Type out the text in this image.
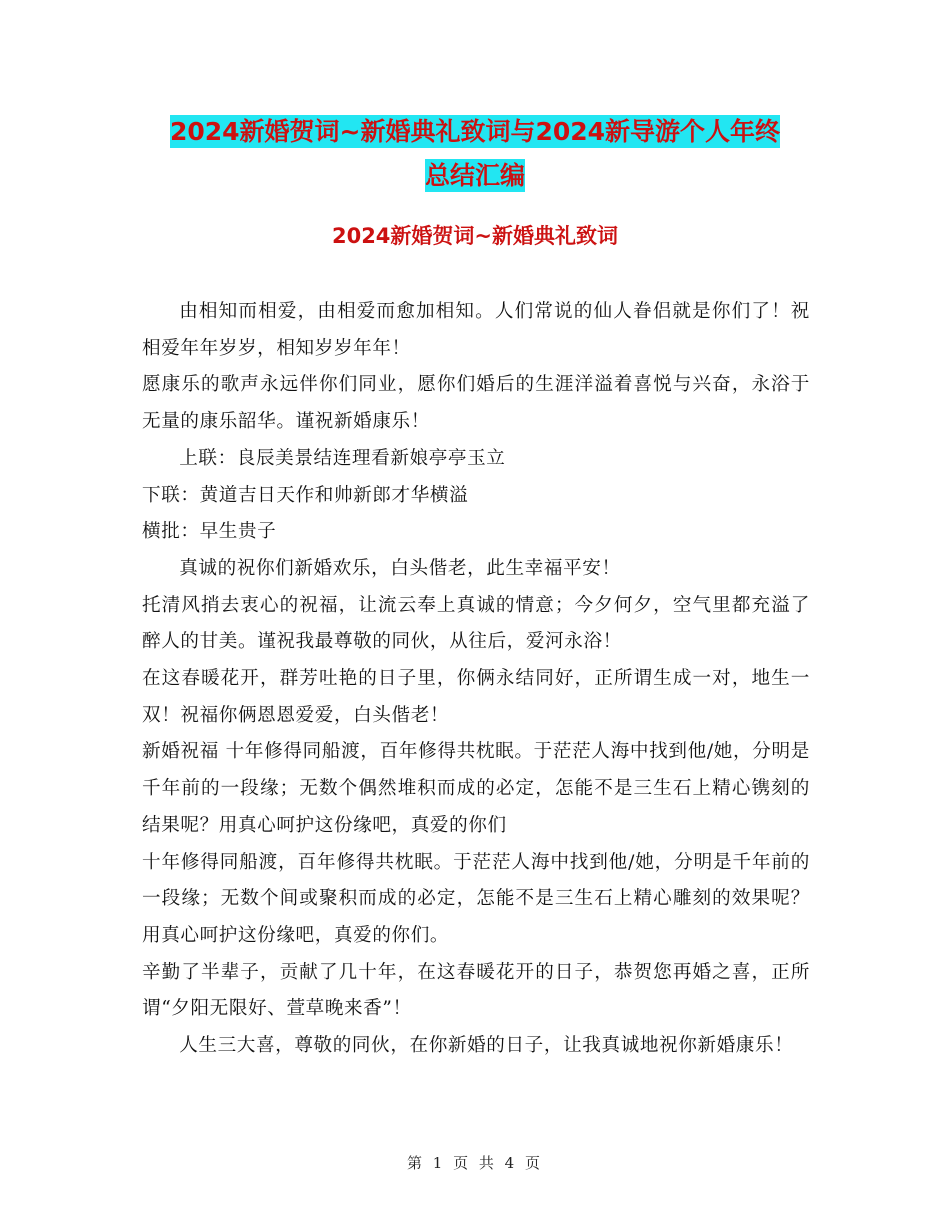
2024新婚贺词~新婚典礼致词与2024新导游个人年终
总结汇编
2024新婚贺词~新婚典礼致词

由相知而相爱，由相爱而愈加相知。人们常说的仙人眷侣就是你们了！祝相爱年年岁岁，相知岁岁年年！

愿康乐的歌声永远伴你们同业，愿你们婚后的生涯洋溢着喜悦与兴奋，永浴于无量的康乐韶华。谨祝新婚康乐！

上联：良辰美景结连理看新娘亭亭玉立

下联：黄道吉日天作和帅新郎才华横溢

横批：早生贵子

真诚的祝你们新婚欢乐，白头偕老，此生幸福平安！

托清风捎去衷心的祝福，让流云奉上真诚的情意；今夕何夕，空气里都充溢了醉人的甘美。谨祝我最尊敬的同伙，从往后，爱河永浴！

在这春暖花开，群芳吐艳的日子里，你俩永结同好，正所谓生成一对，地生一双！祝福你俩恩恩爱爱，白头偕老！

新婚祝福 十年修得同船渡，百年修得共枕眠。于茫茫人海中找到他/她，分明是千年前的一段缘；无数个偶然堆积而成的必定，怎能不是三生石上精心镌刻的结果呢？用真心呵护这份缘吧，真爱的你们

十年修得同船渡，百年修得共枕眠。于茫茫人海中找到他/她，分明是千年前的一段缘；无数个间或聚积而成的必定，怎能不是三生石上精心雕刻的效果呢？用真心呵护这份缘吧，真爱的你们。

辛勤了半辈子，贡献了几十年，在这春暖花开的日子，恭贺您再婚之喜，正所谓“夕阳无限好、萱草晚来香”！

人生三大喜，尊敬的同伙，在你新婚的日子，让我真诚地祝你新婚康乐！

第 1 页 共 4 页
